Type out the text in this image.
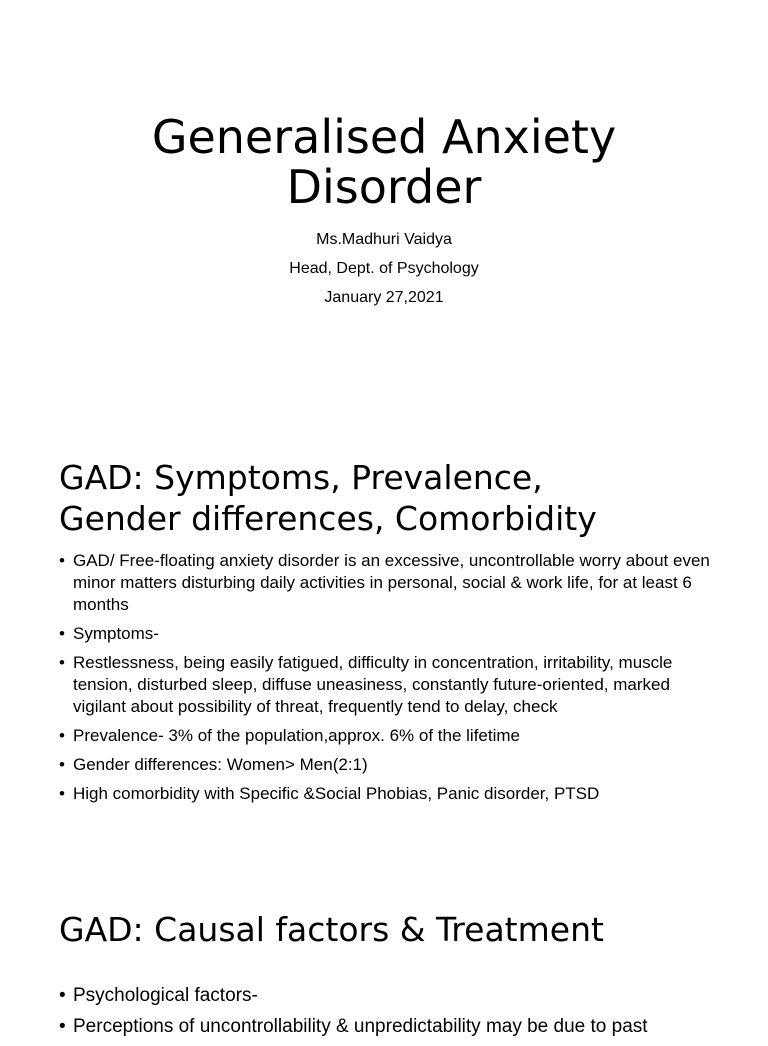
Generalised Anxiety
Disorder
Ms.Madhuri Vaidya
Head, Dept. of Psychology
January 27,2021
GAD: Symptoms, Prevalence,
Gender differences, Comorbidity
• GAD/ Free-floating anxiety disorder is an excessive, uncontrollable worry about even minor matters disturbing daily activities in personal, social & work life, for at least 6 months
• Symptoms-
• Restlessness, being easily fatigued, difficulty in concentration, irritability, muscle tension, disturbed sleep, diffuse uneasiness, constantly future-oriented, marked vigilant about possibility of threat, frequently tend to delay, check
• Prevalence- 3% of the population,approx. 6% of the lifetime
• Gender differences: Women> Men(2:1)
• High comorbidity with Specific &Social Phobias, Panic disorder, PTSD
GAD: Causal factors & Treatment
• Psychological factors-
• Perceptions of uncontrollability & unpredictability may be due to past
